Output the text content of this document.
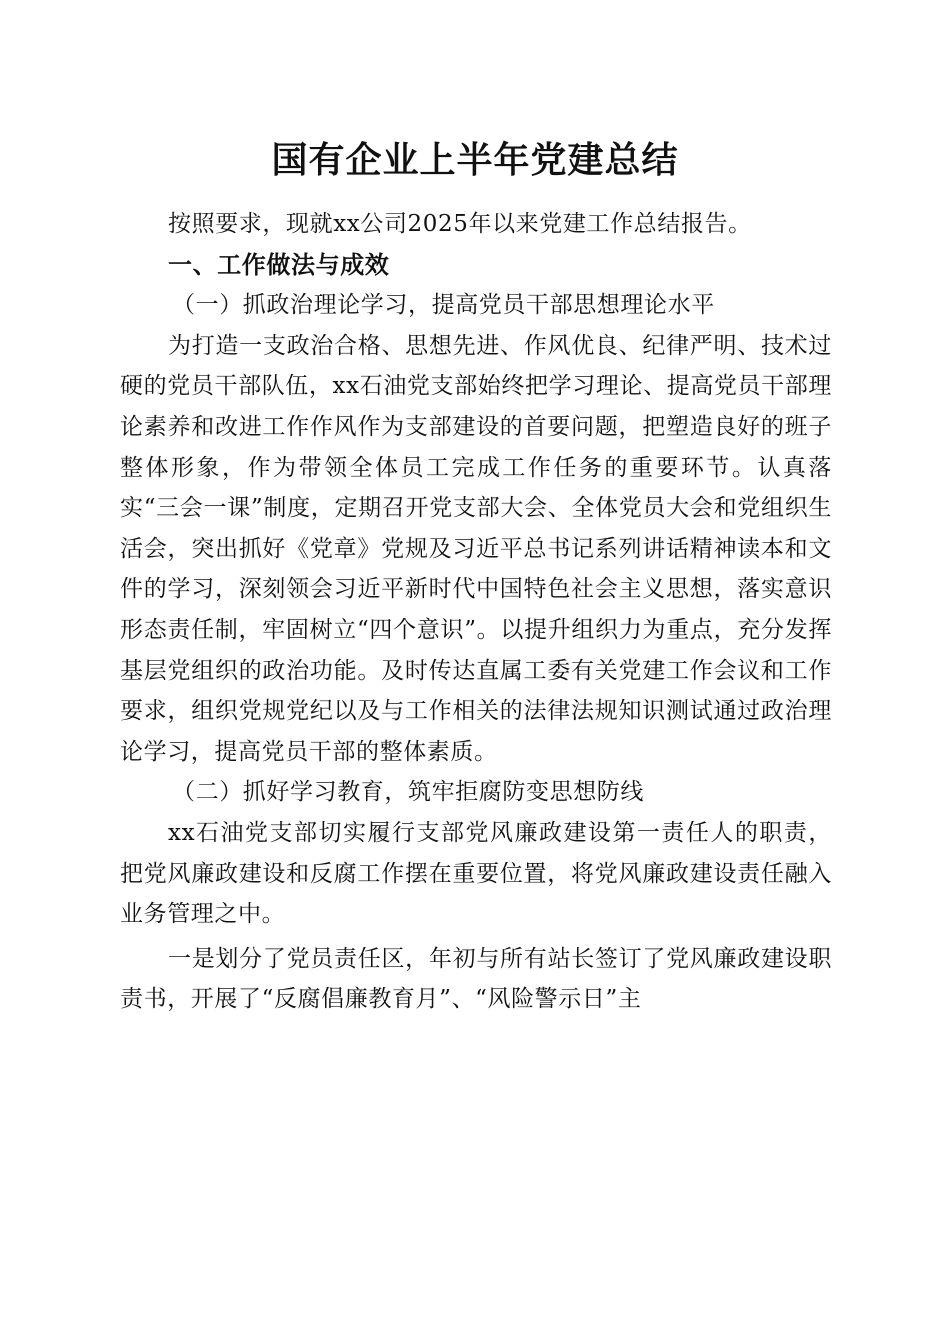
国有企业上半年党建总结

按照要求，现就xx公司2025年以来党建工作总结报告。

一、工作做法与成效

（一）抓政治理论学习，提高党员干部思想理论水平

为打造一支政治合格、思想先进、作风优良、纪律严明、技术过硬的党员干部队伍，xx石油党支部始终把学习理论、提高党员干部理论素养和改进工作作风作为支部建设的首要问题，把塑造良好的班子整体形象，作为带领全体员工完成工作任务的重要环节。认真落实“三会一课”制度，定期召开党支部大会、全体党员大会和党组织生活会，突出抓好《党章》党规及习近平总书记系列讲话精神读本和文件的学习，深刻领会习近平新时代中国特色社会主义思想，落实意识形态责任制，牢固树立“四个意识”。以提升组织力为重点，充分发挥基层党组织的政治功能。及时传达直属工委有关党建工作会议和工作要求，组织党规党纪以及与工作相关的法律法规知识测试通过政治理论学习，提高党员干部的整体素质。

（二）抓好学习教育，筑牢拒腐防变思想防线

xx石油党支部切实履行支部党风廉政建设第一责任人的职责，把党风廉政建设和反腐工作摆在重要位置，将党风廉政建设责任融入业务管理之中。

一是划分了党员责任区，年初与所有站长签订了党风廉政建设职责书，开展了“反腐倡廉教育月”、“风险警示日”主
